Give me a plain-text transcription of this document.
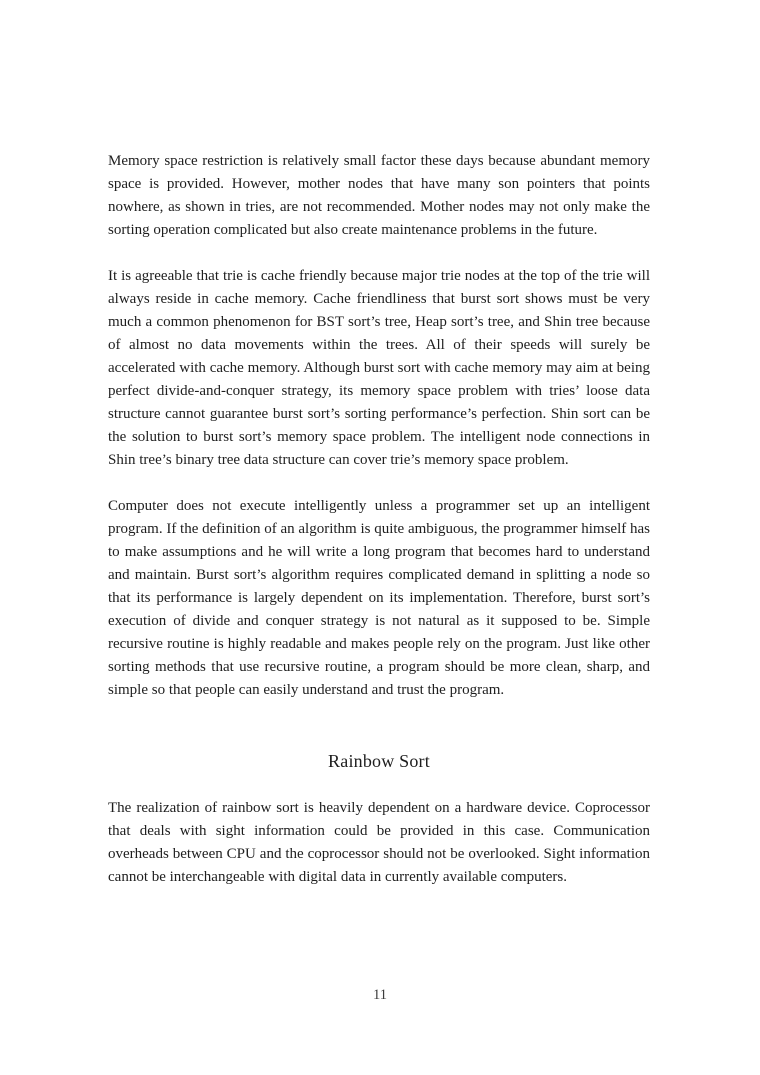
Memory space restriction is relatively small factor these days because abundant memory space is provided. However, mother nodes that have many son pointers that points nowhere, as shown in tries, are not recommended. Mother nodes may not only make the sorting operation complicated but also create maintenance problems in the future.

It is agreeable that trie is cache friendly because major trie nodes at the top of the trie will always reside in cache memory. Cache friendliness that burst sort shows must be very much a common phenomenon for BST sort’s tree, Heap sort’s tree, and Shin tree because of almost no data movements within the trees. All of their speeds will surely be accelerated with cache memory. Although burst sort with cache memory may aim at being perfect divide-and-conquer strategy, its memory space problem with tries’ loose data structure cannot guarantee burst sort’s sorting performance’s perfection. Shin sort can be the solution to burst sort’s memory space problem. The intelligent node connections in Shin tree’s binary tree data structure can cover trie’s memory space problem.

Computer does not execute intelligently unless a programmer set up an intelligent program. If the definition of an algorithm is quite ambiguous, the programmer himself has to make assumptions and he will write a long program that becomes hard to understand and maintain. Burst sort’s algorithm requires complicated demand in splitting a node so that its performance is largely dependent on its implementation. Therefore, burst sort’s execution of divide and conquer strategy is not natural as it supposed to be. Simple recursive routine is highly readable and makes people rely on the program. Just like other sorting methods that use recursive routine, a program should be more clean, sharp, and simple so that people can easily understand and trust the program.

Rainbow Sort

The realization of rainbow sort is heavily dependent on a hardware device. Coprocessor that deals with sight information could be provided in this case. Communication overheads between CPU and the coprocessor should not be overlooked. Sight information cannot be interchangeable with digital data in currently available computers.

11
